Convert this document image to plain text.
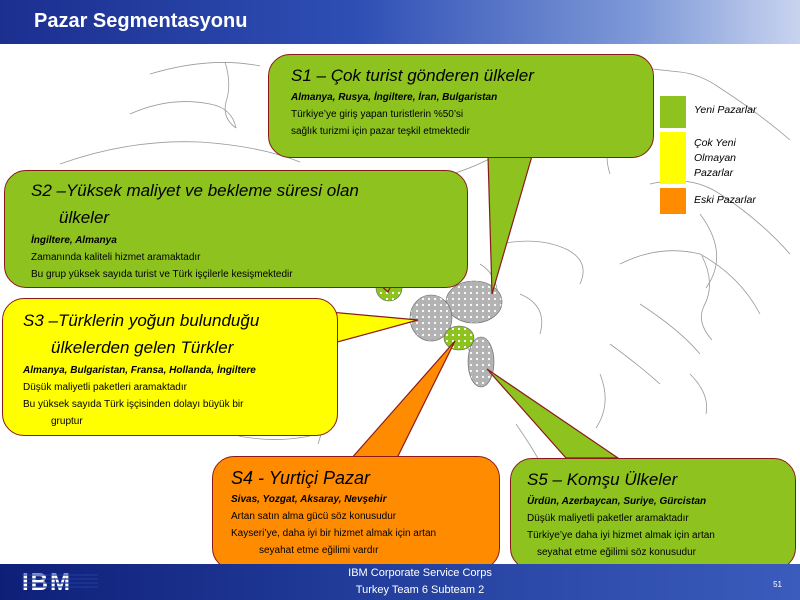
Pazar Segmentasyonu
S1 – Çok turist gönderen ülkeler
Almanya, Rusya, İngiltere, İran, Bulgaristan
Türkiye’ye giriş yapan turistlerin %50’si
sağlık turizmi için pazar teşkil etmektedir
S2 –Yüksek maliyet ve bekleme süresi olan
ülkeler
İngiltere, Almanya
Zamanında kaliteli hizmet aramaktadır
Bu grup yüksek sayıda turist ve Türk işçilerle kesişmektedir
S3 –Türklerin yoğun bulunduğu
ülkelerden gelen Türkler
Almanya, Bulgaristan, Fransa, Hollanda, İngiltere
Düşük maliyetli paketleri aramaktadır
Bu yüksek sayıda Türk işçisinden dolayı büyük bir
gruptur
S4 - Yurtiçi Pazar
Sivas, Yozgat, Aksaray, Nevşehir
Artan satın alma gücü söz konusudur
Kayseri’ye, daha iyi bir hizmet almak için artan
seyahat etme eğilimi vardır
S5 – Komşu Ülkeler
Ürdün, Azerbaycan, Suriye, Gürcistan
Düşük maliyetli paketler aramaktadır
Türkiye’ye daha iyi hizmet almak için artan
seyahat etme eğilimi söz konusudur
Yeni Pazarlar
Çok Yeni
Olmayan
Pazarlar
Eski Pazarlar
IBM	IBM Corporate Service Corps
Turkey Team 6 Subteam 2	51
